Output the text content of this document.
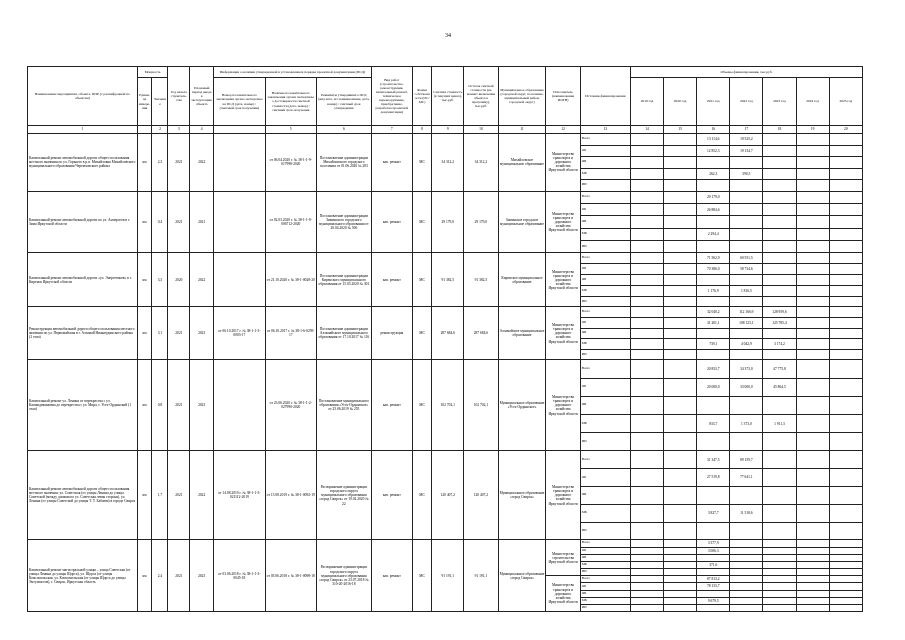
34
Наименование мероприятия, объекта, ППР (с расшифровкой по объектам)	Мощность		Год начала строитель-ства	Плановый период ввода в эксплуатацию объекта	Информация о наличии утвержденной в установленном порядке проектной документации (ПСД)			Вид работ (строительство, реконструкция, капитальный ремонт, техническое перевооружение, приобретение, разработка проектной документации)	Форма собственности (ОС/МС)	Сметная стоимость (в текущих ценах), тыс.руб.	Остаток сметной стоимости (на момент включения объекта в программу), тыс.руб.	Муниципальное образование (городской округ, поселение, муниципальный район, городской округ)	Исполнитель (наименование ИОГВ)	Источник финансирования	Объемы финансирования, тыс.руб.						
	Едини-ца измере-ния	Значение			Номер положительного заключения органа экспертизы на ПСД (дата, номер) / (сметный срок получения)	Наличие положительного заключения органа экспертизы о достоверности сметной стоимости (дата, номер) / сметный срок получения	Реквизиты утвердившего ПСД (вид акта, его наименование, дата, номер) / сметный срок утверждения								2019 год	2020 год	2021 год	2022 год	2023 год	2024 год	2025 год

1		2	3	4		5	6	7	8	9	10	11	12	13	14	15	16	17	18	19	20
Капитальный ремонт автомобильной дороги общего пользования местного значения по ул. Горького в р.п. Михайловка Михайловского муниципального образования Черемховского района	км	2,3	2021	2022		от 06.04.2020 г. № 38-1-1-9-017998-2020	Постановление администрации Михайловского городского поселения от 01.06.2020 № 283	кап. ремонт	МС	34 312,2	34 312,2	Михайловское муниципальное образование	Министерство транспорта и дорожного хозяйства Иркутской области	Всего			13 114,6	19 525,2			
														ОБ			12 852,3	19 134,7			
														ФБ							
														МБ			262,3	390,5			
														ИИ							
Капитальный ремонт автомобильной дороги по ул. Антирогов в г. Зима Иркутской области	км	0,4	2021	2021		от 02.03.2020 г. № 38-1-1-9-006712-2020	Постановление администрации Зиминского городского муниципального образования от 20.04.2020 № 506	кап. ремонт	МС	29 179,0	29 179,0	Зиминское городское муниципальное образование	Министерство транспорта и дорожного хозяйства Иркутской области	Всего			29 179,0				
														ОБ			26 884,6				
														ФБ							
														МБ			2 294,4				
														ИИ							
Капитальный ремонт автомобильной дороги «ул. Энергетиков» в г. Киренск Иркутской области	км	3,3	2020	2022		от 21.10.2020 г. № 38-1-0028-20	Постановление администрации Киренского муниципального образования от 15.03.2020 № 301	кап. ремонт	МС	91 382,5	91 382,5	Киренское муниципальное образование	Министерство транспорта и дорожного хозяйства Иркутской области	Всего			71 562,9	60 551,5			
														ОБ			70 386,0	58 734,6			
														ФБ							
														МБ			1 176,9	1 816,5			
														ИИ							
Реконструкция автомобильной дороги общего пользования местного значения по ул. Первомайская в г. Алзамай Нижнеудинского района (2 этап)	км	3,1	2021	2023	от 06.10.2017 г. № 38-1-1-3-0003-17	от 06.10.2017 г. № 38-1-6-0259-17	Постановление администрации Алзамайского муниципального образования от 17.10.2017 № 116	реконструкция	МС	287 684,6	287 684,6	Алзамайское муниципальное образование	Министерство транспорта и дорожного хозяйства Иркутской области	Всего			32 040,2	112 166,9	128 959,6		
														ОБ			31 201,1	108 123,1	125 785,4		
														ФБ							
														МБ			739,1	4 042,9	3 174,2		
														ИИ							
Капитальный ремонт ул. Ленина от перекрестка с ул. Кашапдикиновна до перекрестка с ул. Мира, г. Усть-Ордынский (1 этап)	км	0,8	2021	2023		от 23.06.2020 г. № 38-1-1-2-027990-2020	Постановление муниципального образования «Усть-Ордынское» от 25.06.2019 № 255	кап. ремонт	МС	102 702,1	102 702,1	Муниципальное образование «Усть-Ордынское»	Министерство транспорта и дорожного хозяйства Иркутской области	Всего			20 833,7	34 373,0	47 775,8		
														ОБ			20 000,0	33 000,0	45 864,5		
														ФБ							
														МБ			833,7	1 373,0	1 911,3		
														ИИ							
Капитальный ремонт автомобильной дороги общего пользования местного значения: ул. Советская (от улицы Ленина до улицы Советской (между домами по ул. Советская левая сторона), ул. Ленина (от улицы Советской до улицы Т. Т. Бабаева) в городе Свирск	км	1,7	2021	2022	от 14.08.2019 г. № 38-1-1-3-021112-2019	от 15.08.2019 г. № 38-1-0092-19	Распоряжение администрации городского округа муниципального образования «город Свирск» от 19.02.2020 № 22	кап. ремонт	МС	120 407,2	120 407,2	Муниципальное образование «город Свирск»	Министерство транспорта и дорожного хозяйства Иркутской области	Всего			31 347,5	89 159,7			
														ОБ			27 519,8	77 641,1			
														ФБ							
														МБ			3 827,7	11 518,6			
														ИИ							
Капитальный ремонт магистральной улицы – улица Советская (от улицы Ленина до улицы Щорса), ул. Щорса (от улицы Комсомольская, ул. Комсомольская (от улицы Щорса до улицы Энтузиастов), г. Свирск, Иркутская область	км	2,4	2021	2023	от 03.06.2018 г. № 38-1-1-3-0045-18	от 05.06.2018 г. № 38-1-0098-18	Распоряжение администрации городского округа муниципального образования «город Свирск» от 23.07.2018 № 310-20-2016-18	кап. ремонт	МС	91 191,1	91 191,1	Муниципальное образование «город Свирск»	Министерство строительства Иркутской области	Всего			3 377,9				
														ОБ			3 006,3				
														ФБ							
														МБ			371,6				
														ИИ							
													Министерство транспорта и дорожного хозяйства Иркутской области	Всего			87 813,2				
														ОБ			78 133,7				
														ФБ							
														МБ			9 679,5				
														ИИ							
